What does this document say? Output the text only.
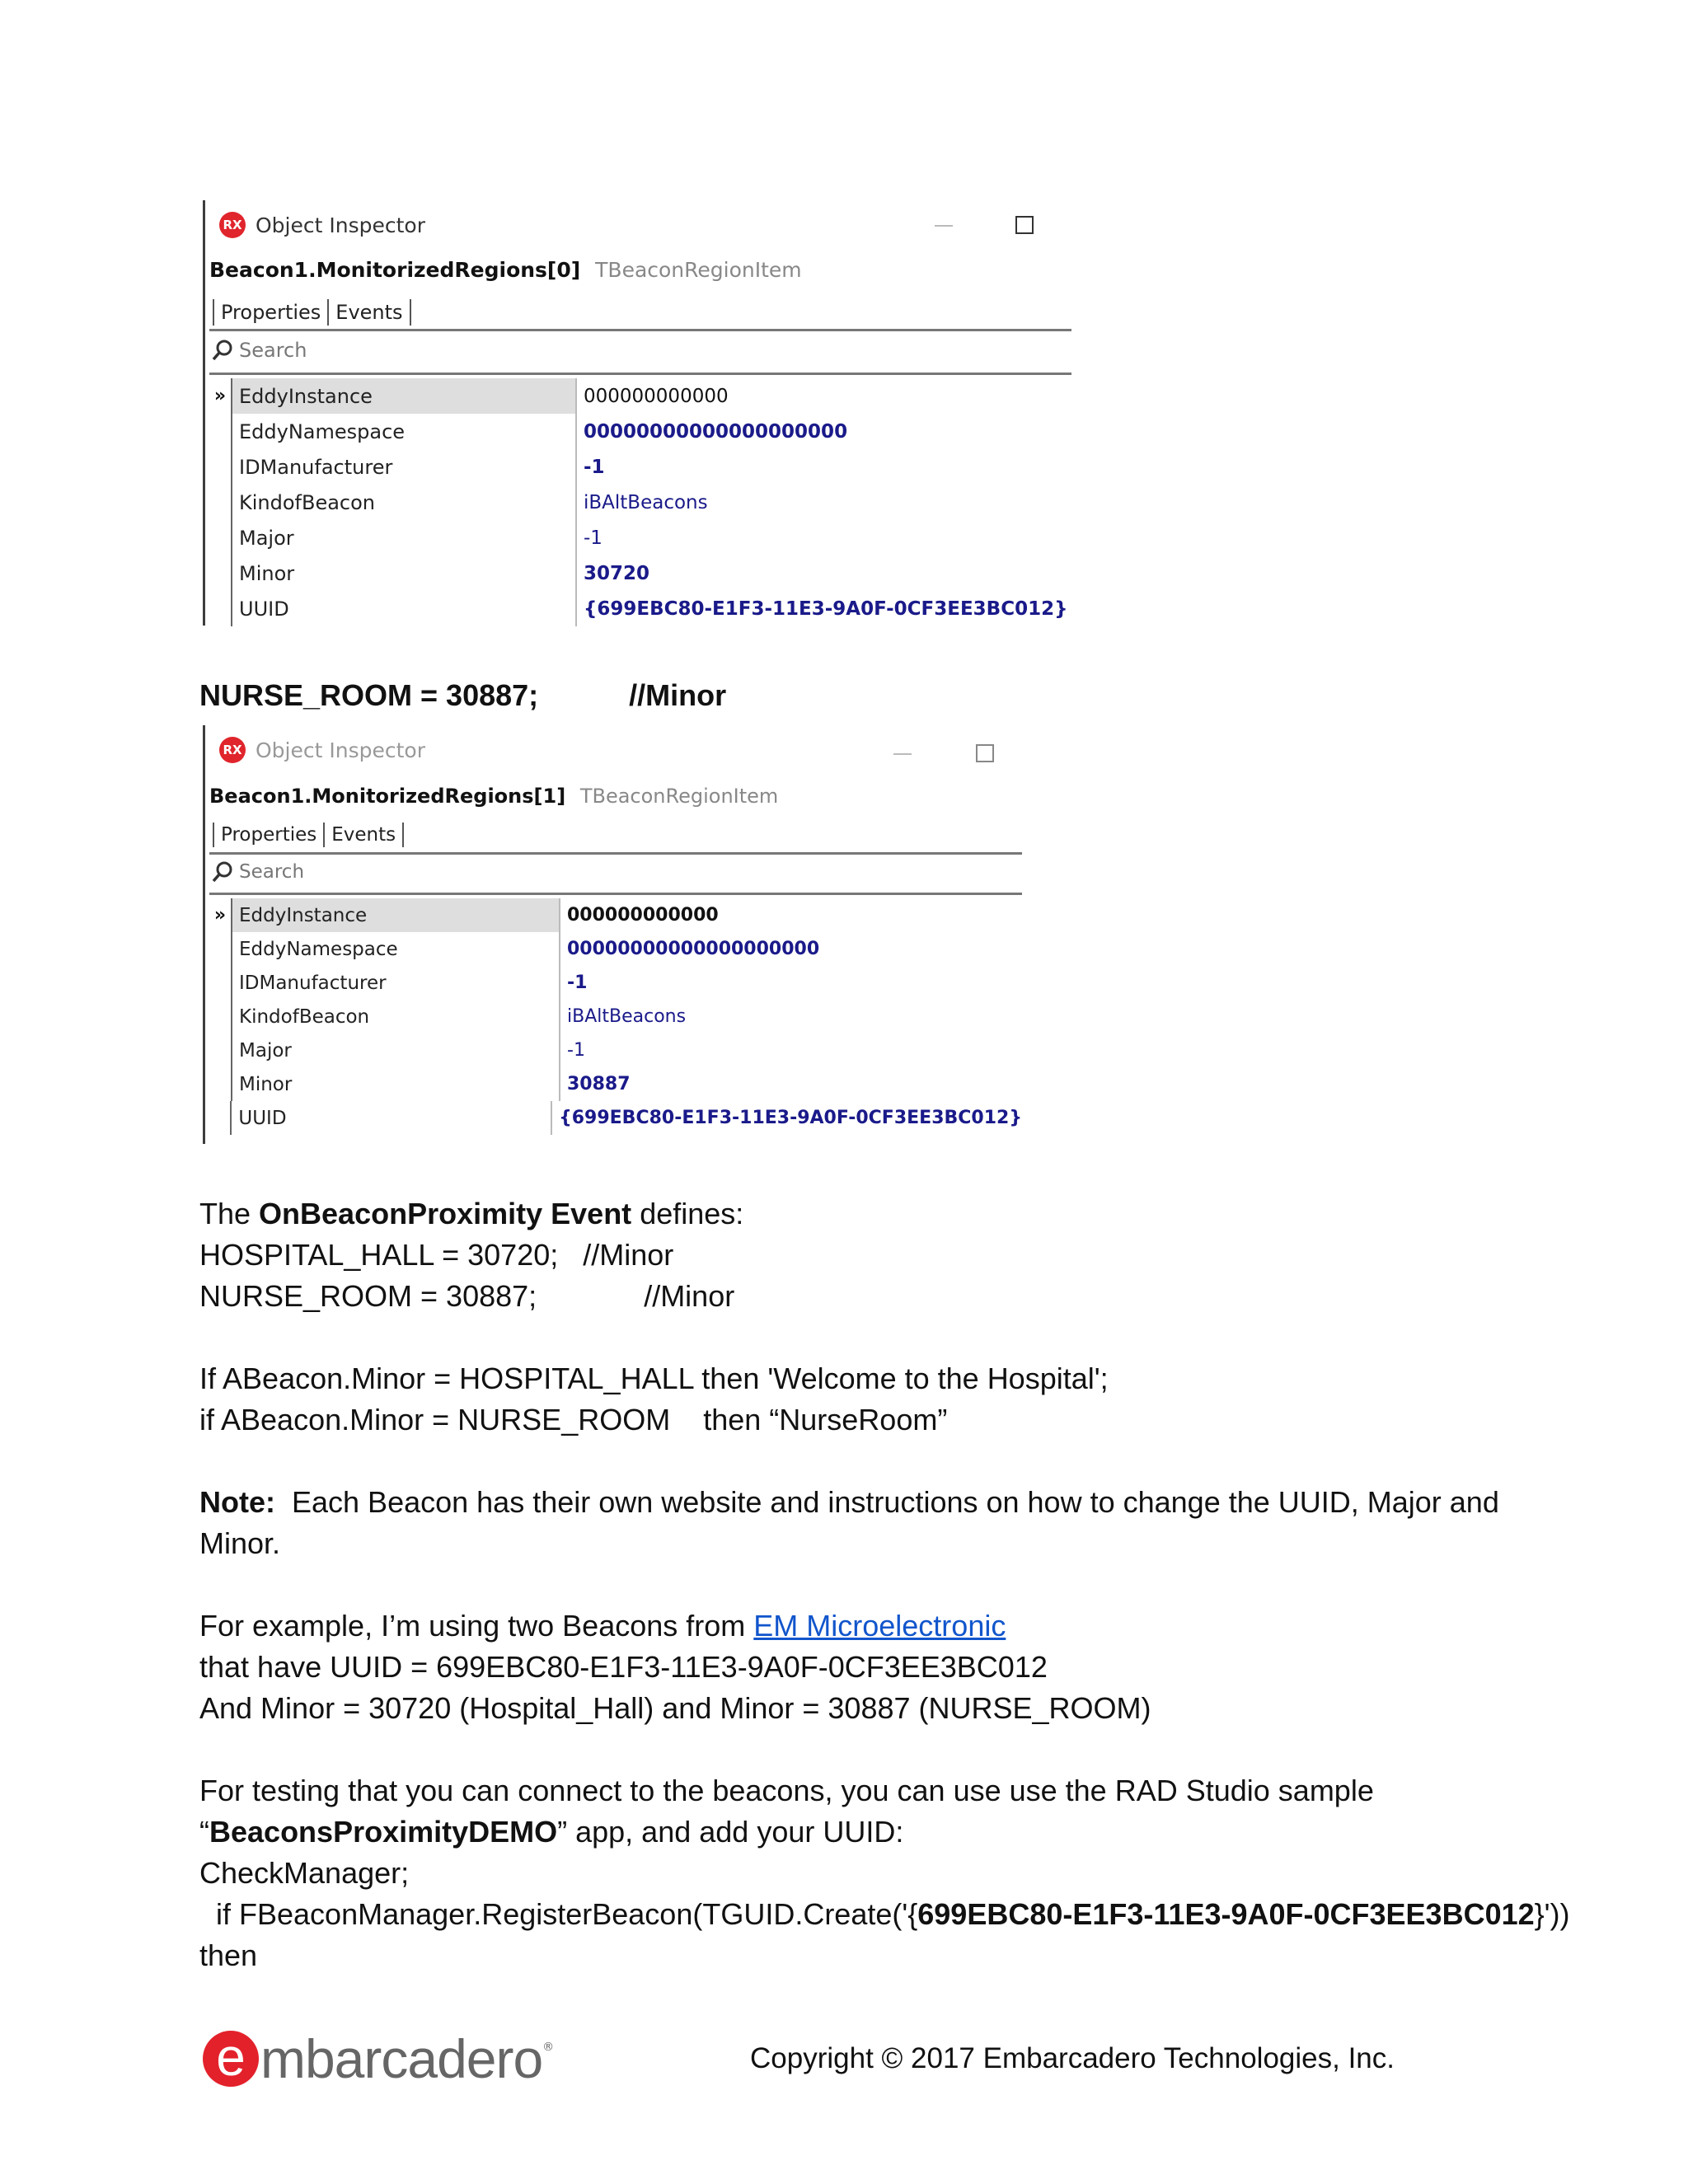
RX Object Inspector
Beacon1.MonitorizedRegions[0] TBeaconRegionItem
Properties Events
Search
» EddyInstance	000000000000
EddyNamespace	00000000000000000000
IDManufacturer	-1
KindofBeacon	iBAltBeacons
Major	-1
Minor	30720
UUID	{699EBC80-E1F3-11E3-9A0F-0CF3EE3BC012}
NURSE_ROOM = 30887;           //Minor
RX Object Inspector
Beacon1.MonitorizedRegions[1] TBeaconRegionItem
Properties Events
Search
» EddyInstance	000000000000
EddyNamespace	00000000000000000000
IDManufacturer	-1
KindofBeacon	iBAltBeacons
Major	-1
Minor	30887
UUID	{699EBC80-E1F3-11E3-9A0F-0CF3EE3BC012}
The OnBeaconProximity Event defines:
HOSPITAL_HALL = 30720;   //Minor
NURSE_ROOM = 30887;             //Minor
If ABeacon.Minor = HOSPITAL_HALL then 'Welcome to the Hospital';
if ABeacon.Minor = NURSE_ROOM    then “NurseRoom”
Note:  Each Beacon has their own website and instructions on how to change the UUID, Major and
Minor.
For example, I’m using two Beacons from EM Microelectronic
that have UUID = 699EBC80-E1F3-11E3-9A0F-0CF3EE3BC012
And Minor = 30720 (Hospital_Hall) and Minor = 30887 (NURSE_ROOM)
For testing that you can connect to the beacons, you can use use the RAD Studio sample
“BeaconsProximityDEMO” app, and add your UUID:
CheckManager;
if FBeaconManager.RegisterBeacon(TGUID.Create('{699EBC80-E1F3-11E3-9A0F-0CF3EE3BC012}'))
then
e mbarcadero ®	Copyright © 2017 Embarcadero Technologies, Inc.
